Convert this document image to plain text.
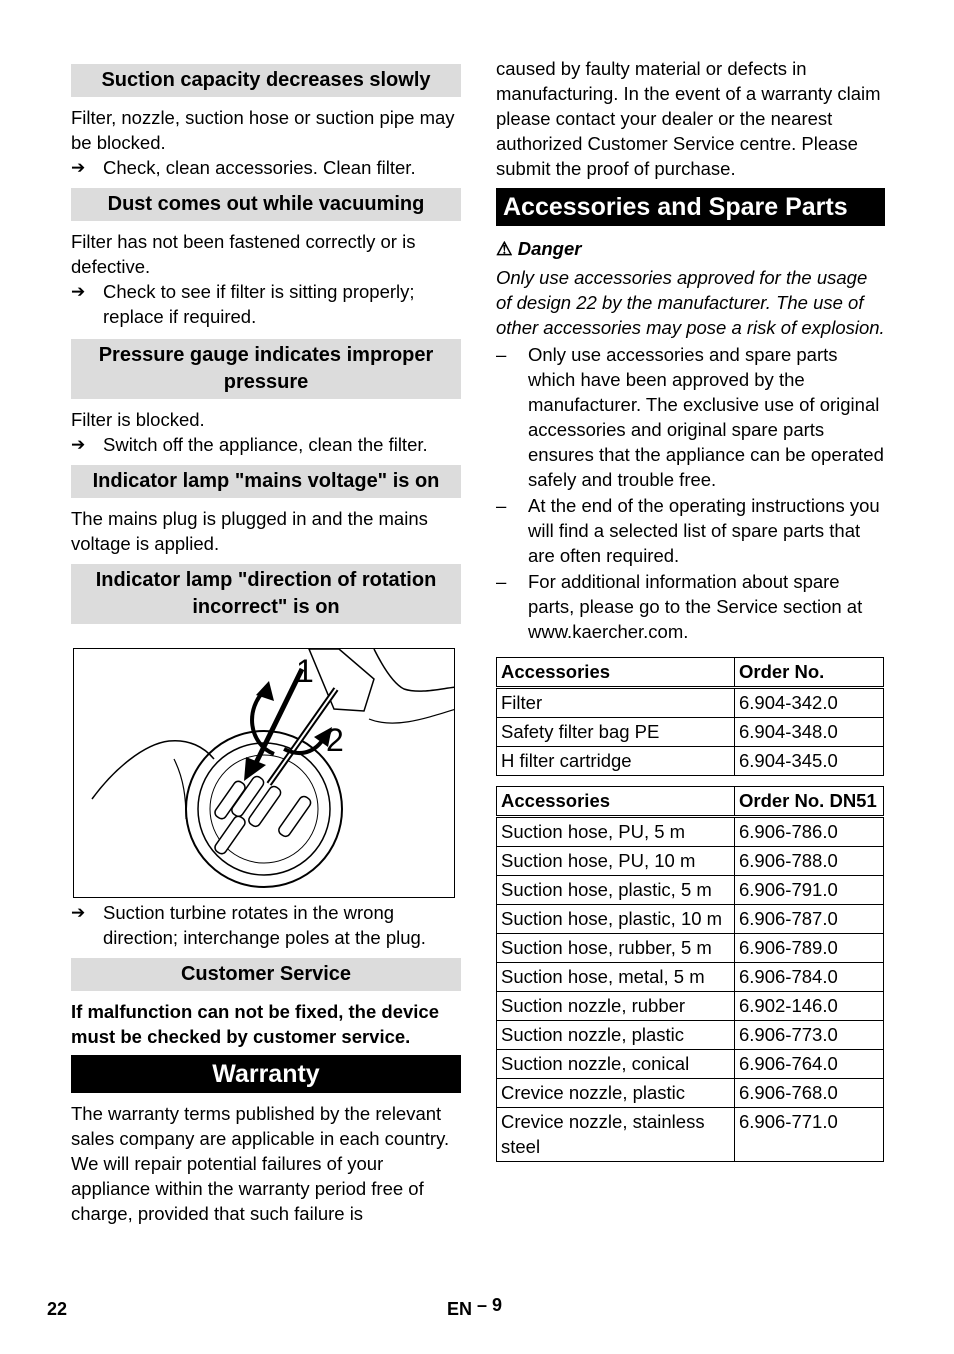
Suction capacity decreases slowly

Filter, nozzle, suction hose or suction pipe may be blocked.

➔ Check, clean accessories. Clean filter.
Dust comes out while vacuuming

Filter has not been fastened correctly or is defective.

➔ Check to see if filter is sitting properly; replace if required.
Pressure gauge indicates improper pressure

Filter is blocked.

➔ Switch off the appliance, clean the filter.
Indicator lamp "mains voltage" is on

The mains plug is plugged in and the mains voltage is applied.

Indicator lamp "direction of rotation incorrect" is on
1
2
➔ Suction turbine rotates in the wrong direction; interchange poles at the plug.
Customer Service

If malfunction can not be fixed, the device must be checked by customer service.

Warranty

The warranty terms published by the relevant sales company are applicable in each country. We will repair potential failures of your appliance within the warranty period free of charge, provided that such failure is

caused by faulty material or defects in manufacturing. In the event of a warranty claim please contact your dealer or the nearest authorized Customer Service centre. Please submit the proof of purchase.

Accessories and Spare Parts
⚠ Danger

Only use accessories approved for the usage of design 22 by the manufacturer. The use of other accessories may pose a risk of explosion.

–	Only use accessories and spare parts which have been approved by the manufacturer. The exclusive use of original accessories and original spare parts ensures that the appliance can be operated safely and trouble free.
–	At the end of the operating instructions you will find a selected list of spare parts that are often required.
–	For additional information about spare parts, please go to the Service section at www.kaercher.com.
Accessories	Order No.
Filter	6.904-342.0
Safety filter bag PE	6.904-348.0
H filter cartridge	6.904-345.0
Accessories	Order No. DN51
Suction hose, PU, 5 m	6.906-786.0
Suction hose, PU, 10 m	6.906-788.0
Suction hose, plastic, 5 m	6.906-791.0
Suction hose, plastic, 10 m	6.906-787.0
Suction hose, rubber, 5 m	6.906-789.0
Suction hose, metal, 5 m	6.906-784.0
Suction nozzle, rubber	6.902-146.0
Suction nozzle, plastic	6.906-773.0
Suction nozzle, conical	6.906-764.0
Crevice nozzle, plastic	6.906-768.0
Crevice nozzle, stainless steel	6.906-771.0
22	EN – 9
